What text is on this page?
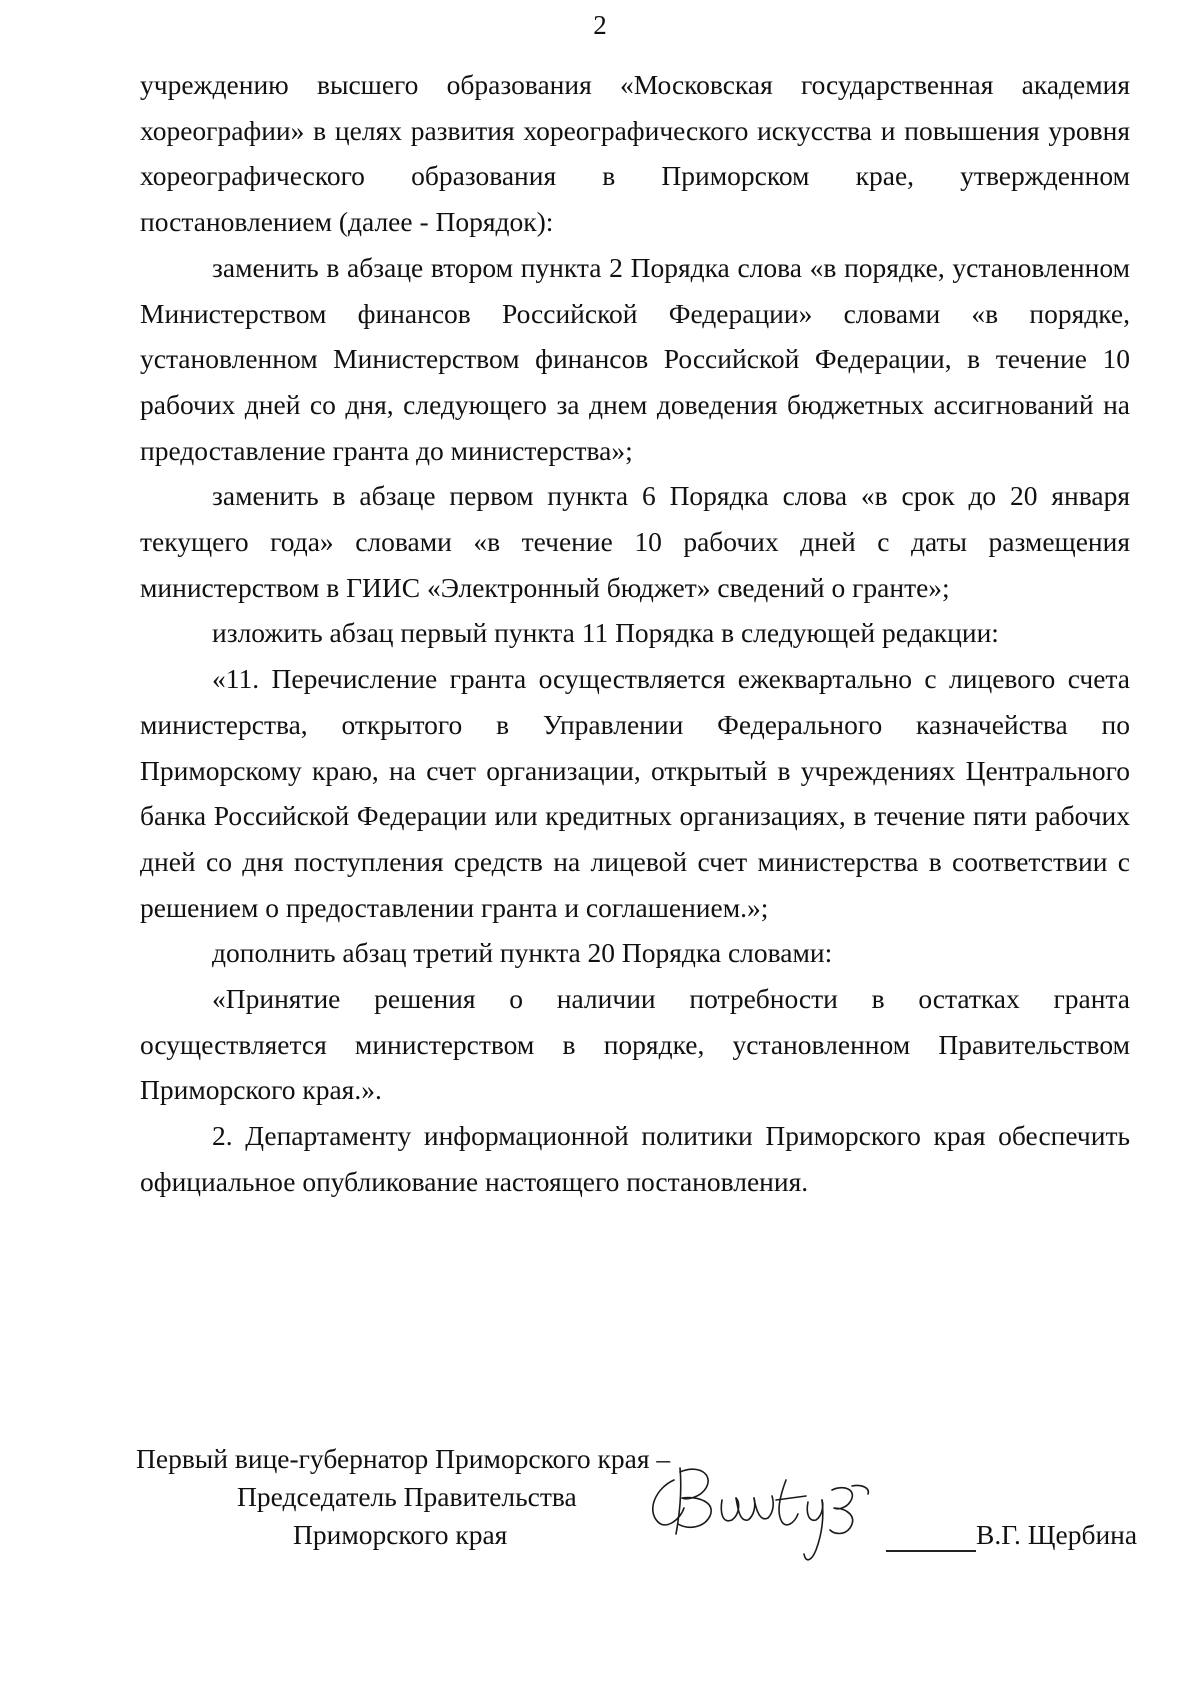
2

учреждению высшего образования «Московская государственная академия хореографии» в целях развития хореографического искусства и повышения уровня хореографического образования в Приморском крае, утвержденном постановлением (далее - Порядок):

заменить в абзаце втором пункта 2 Порядка слова «в порядке, установленном Министерством финансов Российской Федерации» словами «в порядке, установленном Министерством финансов Российской Федерации, в течение 10 рабочих дней со дня, следующего за днем доведения бюджетных ассигнований на предоставление гранта до министерства»;

заменить в абзаце первом пункта 6 Порядка слова «в срок до 20 января текущего года» словами «в течение 10 рабочих дней с даты размещения министерством в ГИИС «Электронный бюджет» сведений о гранте»;

изложить абзац первый пункта 11 Порядка в следующей редакции:

«11. Перечисление гранта осуществляется ежеквартально с лицевого счета министерства, открытого в Управлении Федерального казначейства по Приморскому краю, на счет организации, открытый в учреждениях Центрального банка Российской Федерации или кредитных организациях, в течение пяти рабочих дней со дня поступления средств на лицевой счет министерства в соответствии с решением о предоставлении гранта и соглашением.»;

дополнить абзац третий пункта 20 Порядка словами:

«Принятие решения о наличии потребности в остатках гранта осуществляется министерством в порядке, установленном Правительством Приморского края.».

2. Департаменту информационной политики Приморского края обеспечить официальное опубликование настоящего постановления.

Первый вице-губернатор Приморского края –
Председатель Правительства
Приморского края	В.Г. Щербина
